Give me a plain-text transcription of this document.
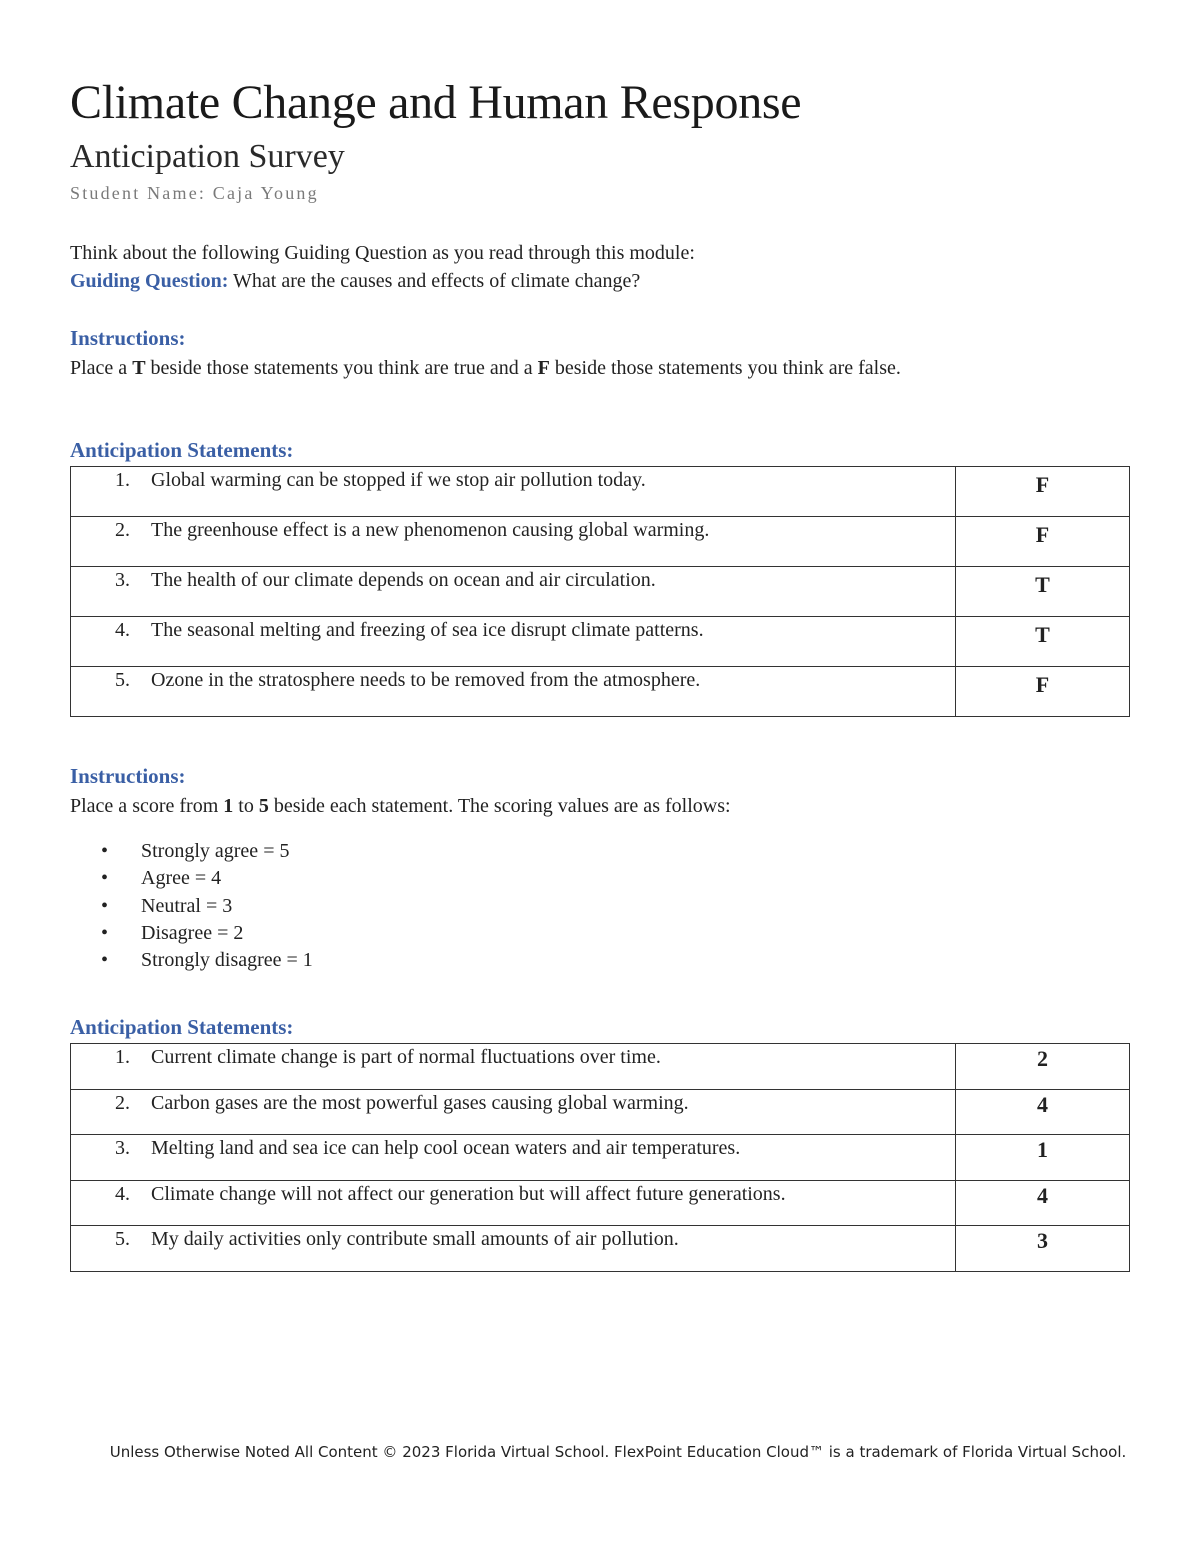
Climate Change and Human Response
Anticipation Survey
Student Name: Caja Young
Think about the following Guiding Question as you read through this module:
Guiding Question: What are the causes and effects of climate change?
Instructions:
Place a T beside those statements you think are true and a F beside those statements you think are false.
Anticipation Statements:
1. Global warming can be stopped if we stop air pollution today.	F

2. The greenhouse effect is a new phenomenon causing global warming.	F

3. The health of our climate depends on ocean and air circulation.	T

4. The seasonal melting and freezing of sea ice disrupt climate patterns.	T

5. Ozone in the stratosphere needs to be removed from the atmosphere.	F
Instructions:
Place a score from 1 to 5 beside each statement. The scoring values are as follows:
• Strongly agree = 5
• Agree = 4
• Neutral = 3
• Disagree = 2
• Strongly disagree = 1
Anticipation Statements:
1. Current climate change is part of normal fluctuations over time.	2

2. Carbon gases are the most powerful gases causing global warming.	4

3. Melting land and sea ice can help cool ocean waters and air temperatures.	1

4. Climate change will not affect our generation but will affect future generations.	4

5. My daily activities only contribute small amounts of air pollution.	3
Unless Otherwise Noted All Content © 2023 Florida Virtual School. FlexPoint Education Cloud™ is a trademark of Florida Virtual School.
